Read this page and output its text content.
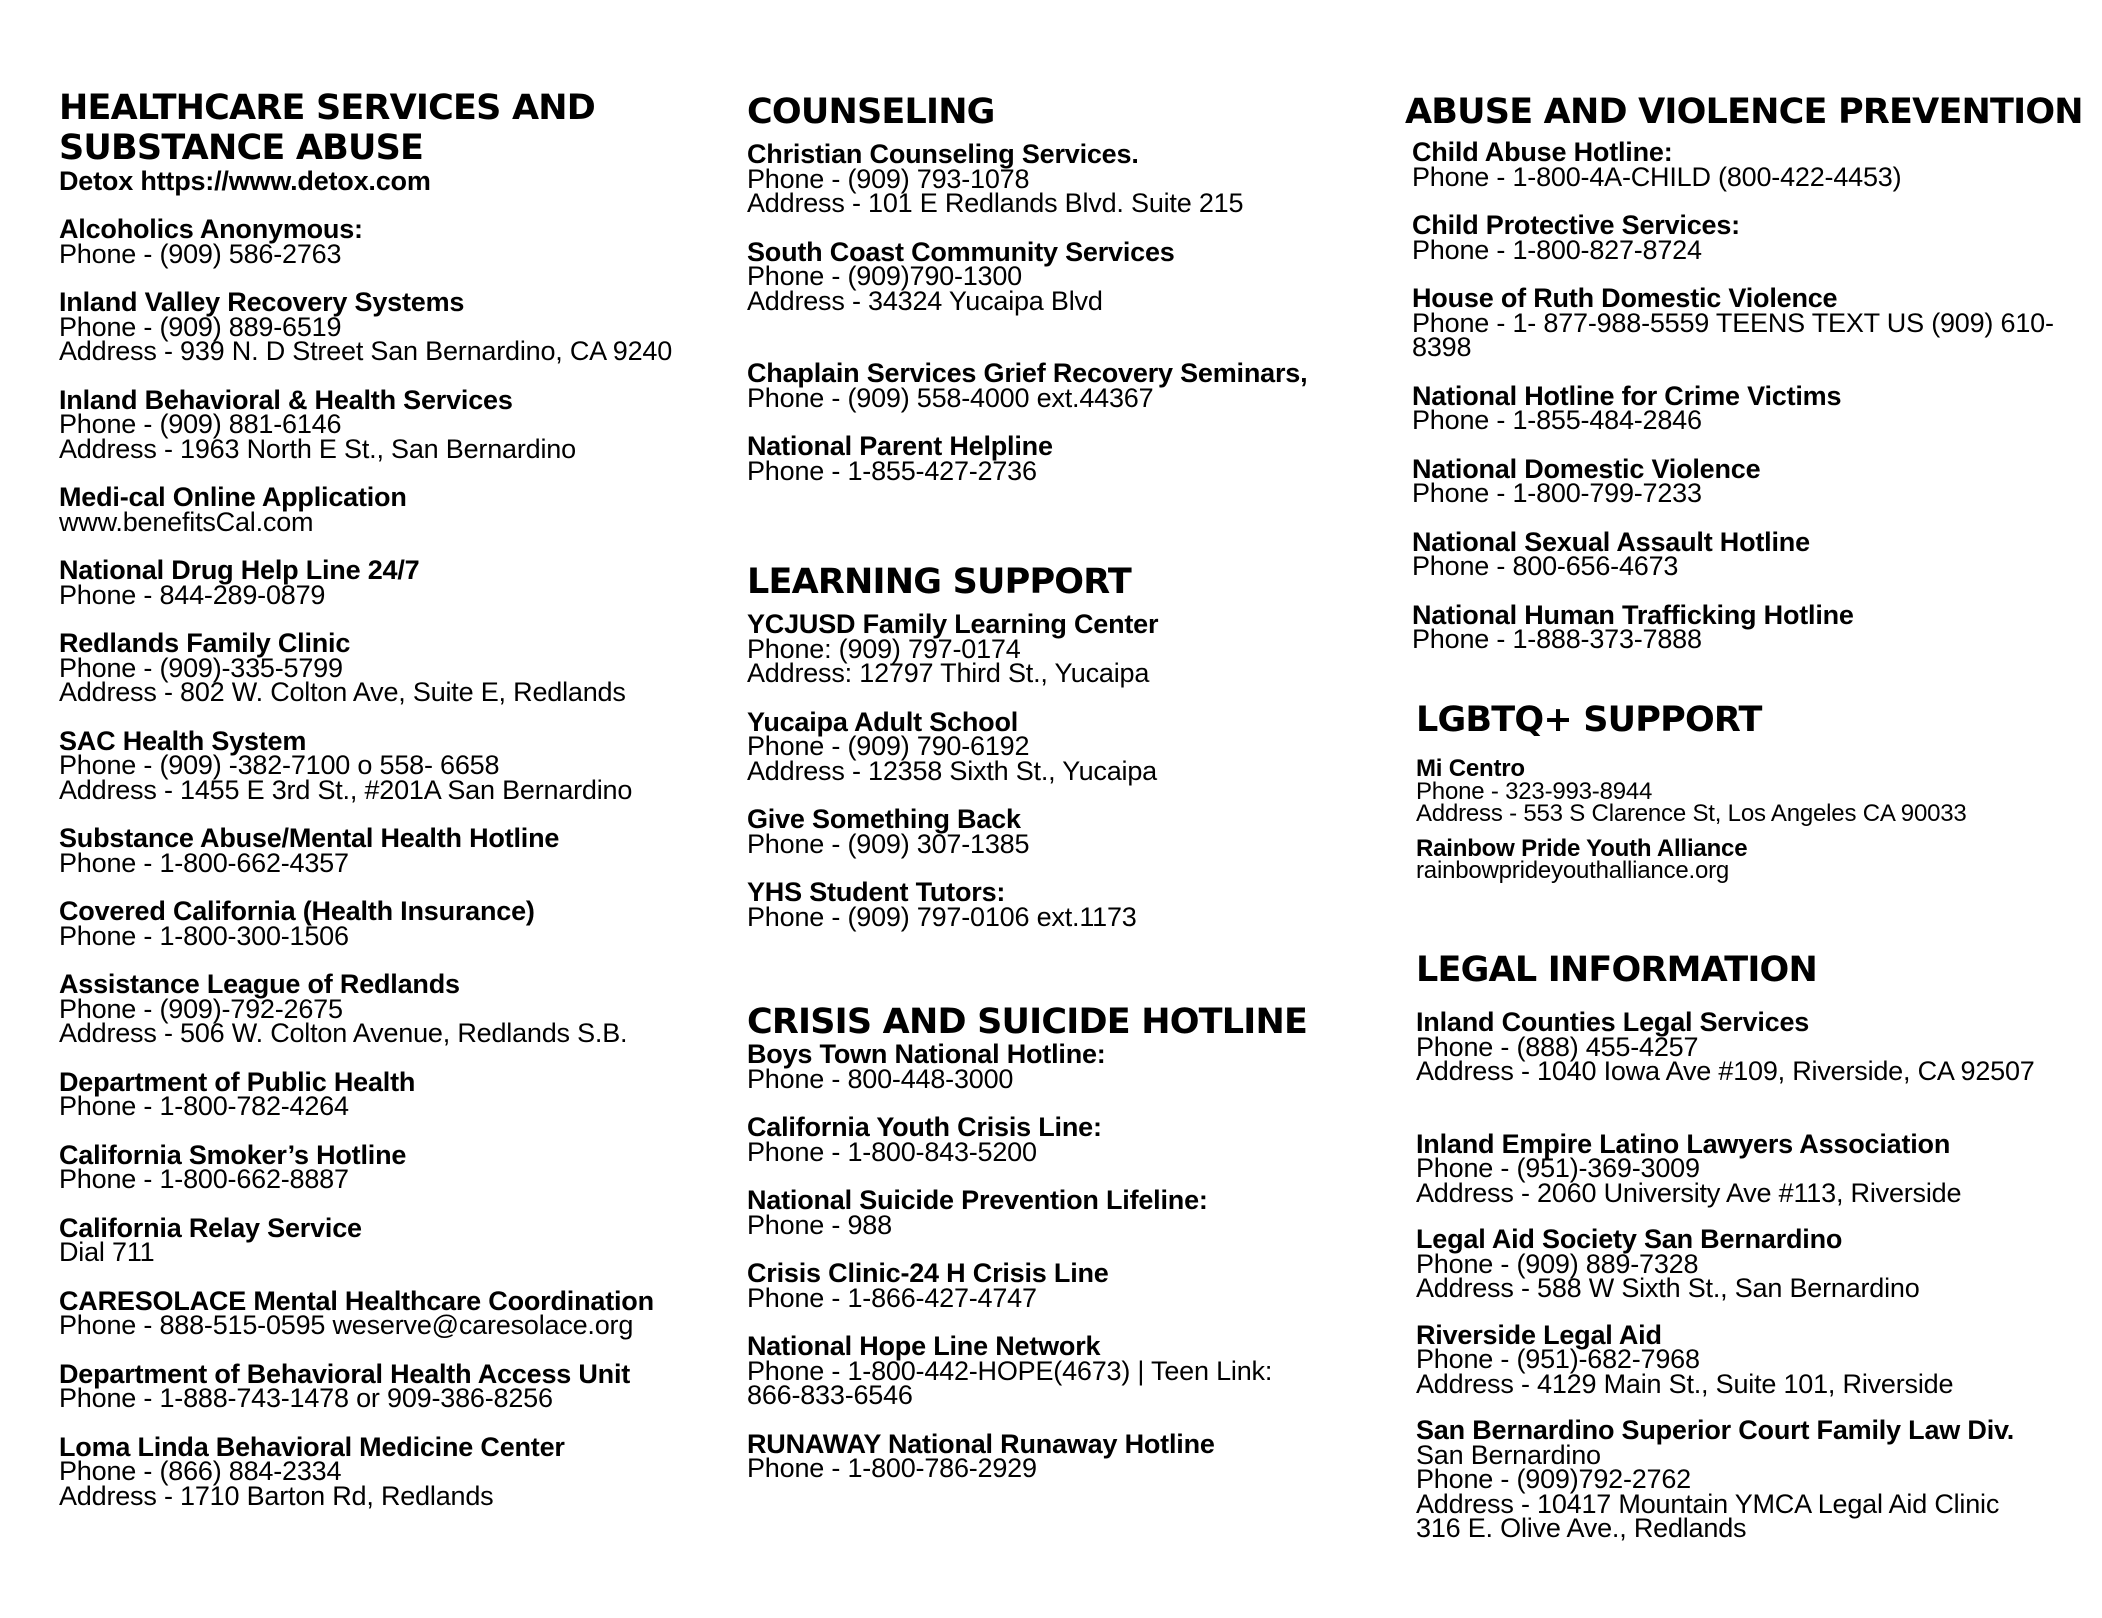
HEALTHCARE SERVICES AND
SUBSTANCE ABUSE
Detox https://www.detox.com
Alcoholics Anonymous:
Phone - (909) 586-2763
Inland Valley Recovery Systems
Phone - (909) 889-6519
Address - 939 N. D Street San Bernardino, CA 9240
Inland Behavioral & Health Services
Phone - (909) 881-6146
Address - 1963 North E St., San Bernardino
Medi-cal Online Application
www.benefitsCal.com
National Drug Help Line 24/7
Phone - 844-289-0879
Redlands Family Clinic
Phone - (909)-335-5799
Address - 802 W. Colton Ave, Suite E, Redlands
SAC Health System
Phone - (909) -382-7100 o 558- 6658
Address - 1455 E 3rd St., #201A San Bernardino
Substance Abuse/Mental Health Hotline
Phone - 1-800-662-4357
Covered California (Health Insurance)
Phone - 1-800-300-1506
Assistance League of Redlands
Phone - (909)-792-2675
Address - 506 W. Colton Avenue, Redlands S.B.
Department of Public Health
Phone - 1-800-782-4264
California Smoker’s Hotline
Phone - 1-800-662-8887
California Relay Service
Dial 711
CARESOLACE Mental Healthcare Coordination
Phone - 888-515-0595 weserve@caresolace.org
Department of Behavioral Health Access Unit
Phone - 1-888-743-1478 or 909-386-8256
Loma Linda Behavioral Medicine Center
Phone - (866) 884-2334
Address - 1710 Barton Rd, Redlands
COUNSELING
Christian Counseling Services.
Phone - (909) 793-1078
Address - 101 E Redlands Blvd. Suite 215
South Coast Community Services
Phone - (909)790-1300
Address - 34324 Yucaipa Blvd
Chaplain Services Grief Recovery Seminars,
Phone - (909) 558-4000 ext.44367
National Parent Helpline
Phone - 1-855-427-2736
LEARNING SUPPORT
YCJUSD Family Learning Center
Phone: (909) 797-0174
Address: 12797 Third St., Yucaipa
Yucaipa Adult School
Phone - (909) 790-6192
Address - 12358 Sixth St., Yucaipa
Give Something Back
Phone - (909) 307-1385
YHS Student Tutors:
Phone - (909) 797-0106 ext.1173
CRISIS AND SUICIDE HOTLINE
Boys Town National Hotline:
Phone - 800-448-3000
California Youth Crisis Line:
Phone - 1-800-843-5200
National Suicide Prevention Lifeline:
Phone - 988
Crisis Clinic-24 H Crisis Line
Phone - 1-866-427-4747
National Hope Line Network
Phone - 1-800-442-HOPE(4673) | Teen Link:
866-833-6546
RUNAWAY National Runaway Hotline
Phone - 1-800-786-2929
ABUSE AND VIOLENCE PREVENTION
Child Abuse Hotline:
Phone - 1-800-4A-CHILD (800-422-4453)
Child Protective Services:
Phone - 1-800-827-8724
House of Ruth Domestic Violence
Phone - 1- 877-988-5559 TEENS TEXT US (909) 610-
8398
National Hotline for Crime Victims
Phone - 1-855-484-2846
National Domestic Violence
Phone - 1-800-799-7233
National Sexual Assault Hotline
Phone - 800-656-4673
National Human Trafficking Hotline
Phone - 1-888-373-7888
LGBTQ+ SUPPORT
Mi Centro
Phone - 323-993-8944
Address - 553 S Clarence St, Los Angeles CA 90033
Rainbow Pride Youth Alliance
rainbowprideyouthalliance.org
LEGAL INFORMATION
Inland Counties Legal Services
Phone - (888) 455-4257
Address - 1040 Iowa Ave #109, Riverside, CA 92507
Inland Empire Latino Lawyers Association
Phone - (951)-369-3009
Address - 2060 University Ave #113, Riverside
Legal Aid Society San Bernardino
Phone - (909) 889-7328
Address - 588 W Sixth St., San Bernardino
Riverside Legal Aid
Phone - (951)-682-7968
Address - 4129 Main St., Suite 101, Riverside
San Bernardino Superior Court Family Law Div.
San Bernardino
Phone - (909)792-2762
Address - 10417 Mountain YMCA Legal Aid Clinic
316 E. Olive Ave., Redlands
